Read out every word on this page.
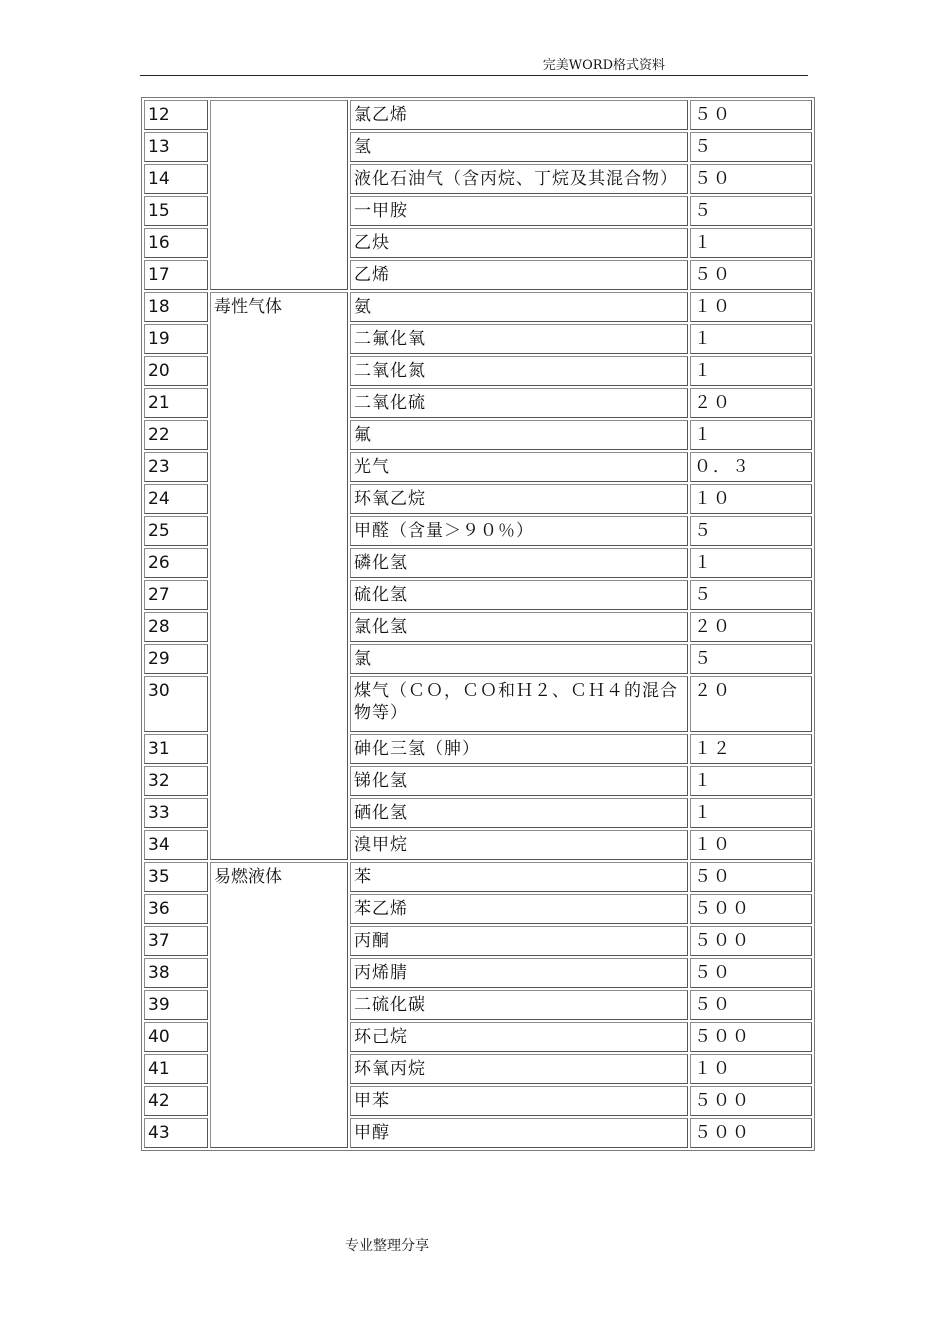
完美WORD格式资料
12		氯乙烯	５０
13		氢	５
14		液化石油气（含丙烷、丁烷及其混合物）	５０
15		一甲胺	５
16		乙炔	１
17		乙烯	５０
18	毒性气体	氨	１０
19		二氟化氧	１
20		二氧化氮	１
21		二氧化硫	２０
22		氟	１
23		光气	０．３
24		环氧乙烷	１０
25		甲醛（含量＞９０％）	５
26		磷化氢	１
27		硫化氢	５
28		氯化氢	２０
29		氯	５
30		煤气（ＣＯ，ＣＯ和Ｈ２、ＣＨ４的混合物等）	２０
31		砷化三氢（胂）	１２
32		锑化氢	１
33		硒化氢	１
34		溴甲烷	１０
35	易燃液体	苯	５０
36		苯乙烯	５００
37		丙酮	５００
38		丙烯腈	５０
39		二硫化碳	５０
40		环己烷	５００
41		环氧丙烷	１０
42		甲苯	５００
43		甲醇	５００
专业整理分享
